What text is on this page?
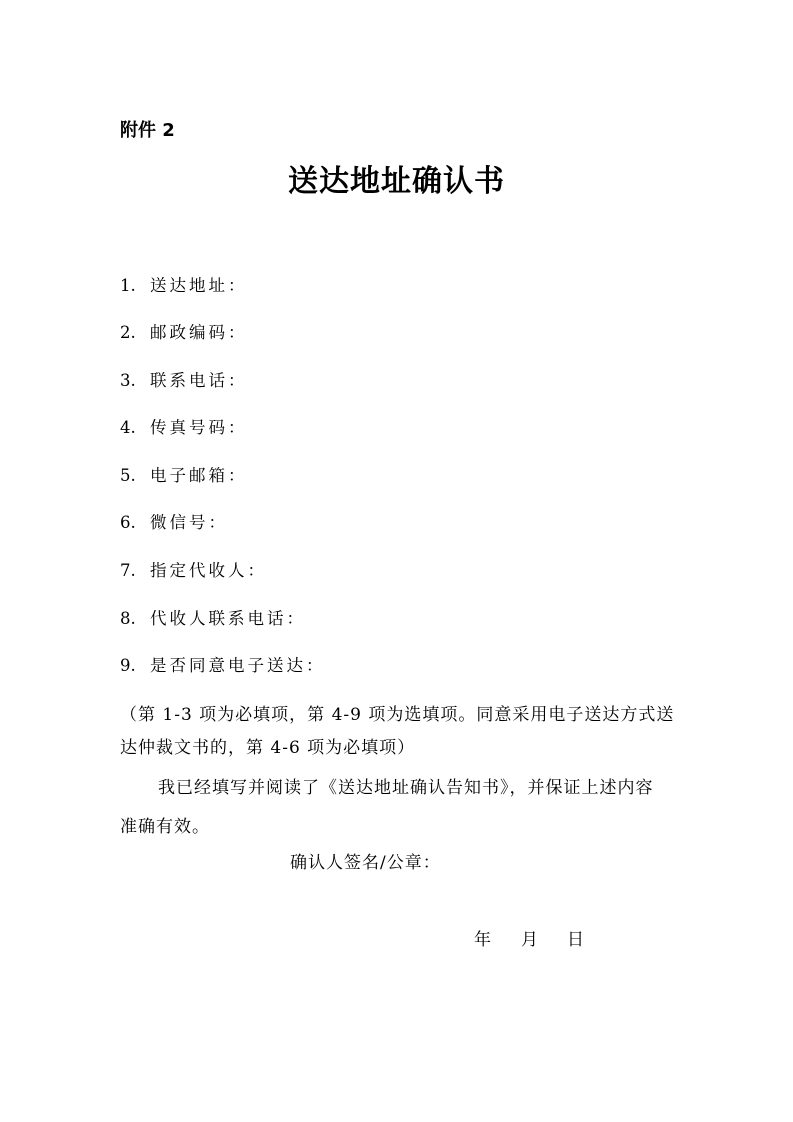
附件 2
送达地址确认书
1. 送达地址：
2. 邮政编码：
3. 联系电话：
4. 传真号码：
5. 电子邮箱：
6. 微信号：
7. 指定代收人：
8. 代收人联系电话：
9. 是否同意电子送达：
（第 1-3 项为必填项，第 4-9 项为选填项。同意采用电子送达方式送
达仲裁文书的，第 4-6 项为必填项）
我已经填写并阅读了《送达地址确认告知书》，并保证上述内容
准确有效。
确认人签名/公章：
年 月 日
